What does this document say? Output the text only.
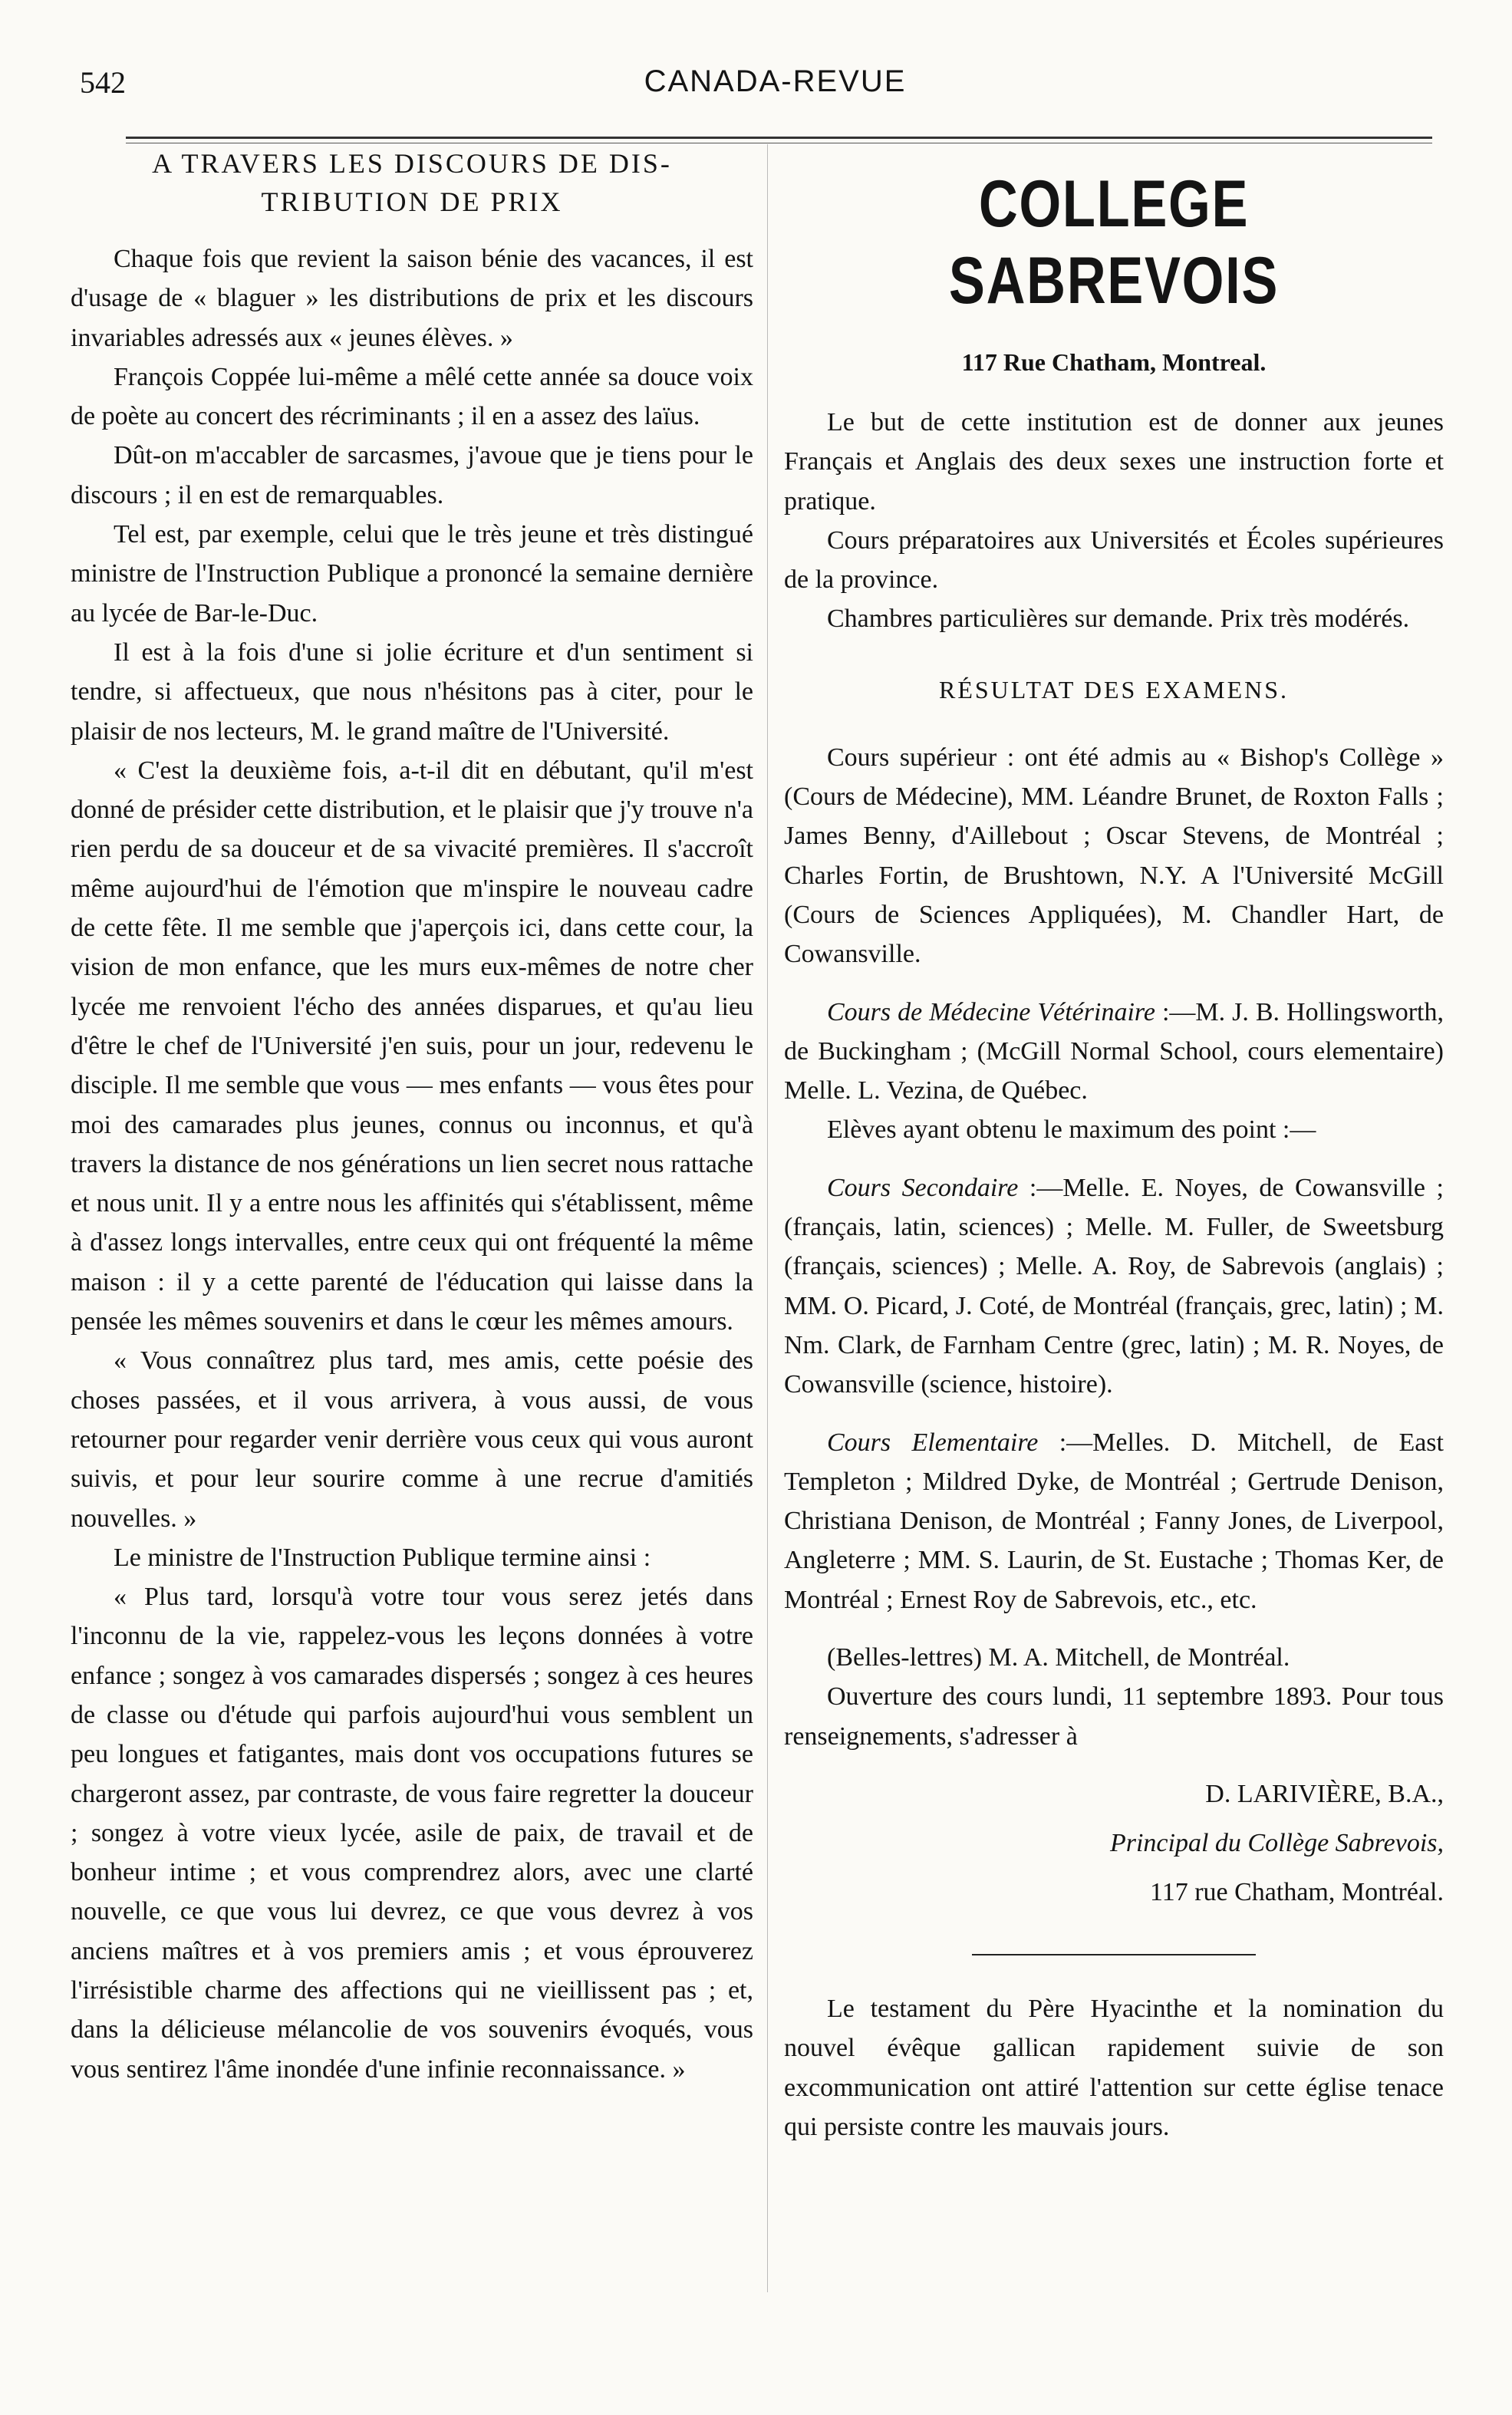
542	CANADA-REVUE
A TRAVERS LES DISCOURS DE DIS-
TRIBUTION DE PRIX

Chaque fois que revient la saison bénie des vacances, il est d'usage de « blaguer » les distributions de prix et les discours invariables adressés aux « jeunes élèves. »

François Coppée lui-même a mêlé cette année sa douce voix de poète au concert des récriminants ; il en a assez des laïus.

Dût-on m'accabler de sarcasmes, j'avoue que je tiens pour le discours ; il en est de remarquables.

Tel est, par exemple, celui que le très jeune et très distingué ministre de l'Instruction Publique a prononcé la semaine dernière au lycée de Bar-le-Duc.

Il est à la fois d'une si jolie écriture et d'un sentiment si tendre, si affectueux, que nous n'hésitons pas à citer, pour le plaisir de nos lecteurs, M. le grand maître de l'Université.

« C'est la deuxième fois, a-t-il dit en débutant, qu'il m'est donné de présider cette distribution, et le plaisir que j'y trouve n'a rien perdu de sa douceur et de sa vivacité premières. Il s'accroît même aujourd'hui de l'émotion que m'inspire le nouveau cadre de cette fête. Il me semble que j'aperçois ici, dans cette cour, la vision de mon enfance, que les murs eux-mêmes de notre cher lycée me renvoient l'écho des années disparues, et qu'au lieu d'être le chef de l'Université j'en suis, pour un jour, redevenu le disciple. Il me semble que vous — mes enfants — vous êtes pour moi des camarades plus jeunes, connus ou inconnus, et qu'à travers la distance de nos générations un lien secret nous rattache et nous unit. Il y a entre nous les affinités qui s'établissent, même à d'assez longs intervalles, entre ceux qui ont fréquenté la même maison : il y a cette parenté de l'éducation qui laisse dans la pensée les mêmes souvenirs et dans le cœur les mêmes amours.

« Vous connaîtrez plus tard, mes amis, cette poésie des choses passées, et il vous arrivera, à vous aussi, de vous retourner pour regarder venir derrière vous ceux qui vous auront suivis, et pour leur sourire comme à une recrue d'amitiés nouvelles. »

Le ministre de l'Instruction Publique termine ainsi :

« Plus tard, lorsqu'à votre tour vous serez jetés dans l'inconnu de la vie, rappelez-vous les leçons données à votre enfance ; songez à vos camarades dispersés ; songez à ces heures de classe ou d'étude qui parfois aujourd'hui vous semblent un peu longues et fatigantes, mais dont vos occupations futures se chargeront assez, par contraste, de vous faire regretter la douceur ; songez à votre vieux lycée, asile de paix, de travail et de bonheur intime ; et vous comprendrez alors, avec une clarté nouvelle, ce que vous lui devrez, ce que vous devrez à vos anciens maîtres et à vos premiers amis ; et vous éprouverez l'irrésistible charme des affections qui ne vieillissent pas ; et, dans la délicieuse mélancolie de vos souvenirs évoqués, vous vous sentirez l'âme inondée d'une infinie reconnaissance. »

COLLEGE SABREVOIS
117 Rue Chatham, Montreal.

Le but de cette institution est de donner aux jeunes Français et Anglais des deux sexes une instruction forte et pratique.

Cours préparatoires aux Universités et Écoles supérieures de la province.

Chambres particulières sur demande. Prix très modérés.

RÉSULTAT DES EXAMENS.

Cours supérieur : ont été admis au « Bishop's Collège » (Cours de Médecine), MM. Léandre Brunet, de Roxton Falls ; James Benny, d'Aillebout ; Oscar Stevens, de Montréal ; Charles Fortin, de Brushtown, N.Y. A l'Université McGill (Cours de Sciences Appliquées), M. Chandler Hart, de Cowansville.

Cours de Médecine Vétérinaire :—M. J. B. Hollingsworth, de Buckingham ; (McGill Normal School, cours elementaire) Melle. L. Vezina, de Québec.

Elèves ayant obtenu le maximum des point :—

Cours Secondaire :—Melle. E. Noyes, de Cowansville ; (français, latin, sciences) ; Melle. M. Fuller, de Sweetsburg (français, sciences) ; Melle. A. Roy, de Sabrevois (anglais) ; MM. O. Picard, J. Coté, de Montréal (français, grec, latin) ; M. Nm. Clark, de Farnham Centre (grec, latin) ; M. R. Noyes, de Cowansville (science, histoire).

Cours Elementaire :—Melles. D. Mitchell, de East Templeton ; Mildred Dyke, de Montréal ; Gertrude Denison, Christiana Denison, de Montréal ; Fanny Jones, de Liverpool, Angleterre ; MM. S. Laurin, de St. Eustache ; Thomas Ker, de Montréal ; Ernest Roy de Sabrevois, etc., etc.

(Belles-lettres) M. A. Mitchell, de Montréal.

Ouverture des cours lundi, 11 septembre 1893. Pour tous renseignements, s'adresser à

D. LARIVIÈRE, B.A.,

Principal du Collège Sabrevois,

117 rue Chatham, Montréal.

Le testament du Père Hyacinthe et la nomination du nouvel évêque gallican rapidement suivie de son excommunication ont attiré l'attention sur cette église tenace qui persiste contre les mauvais jours.
